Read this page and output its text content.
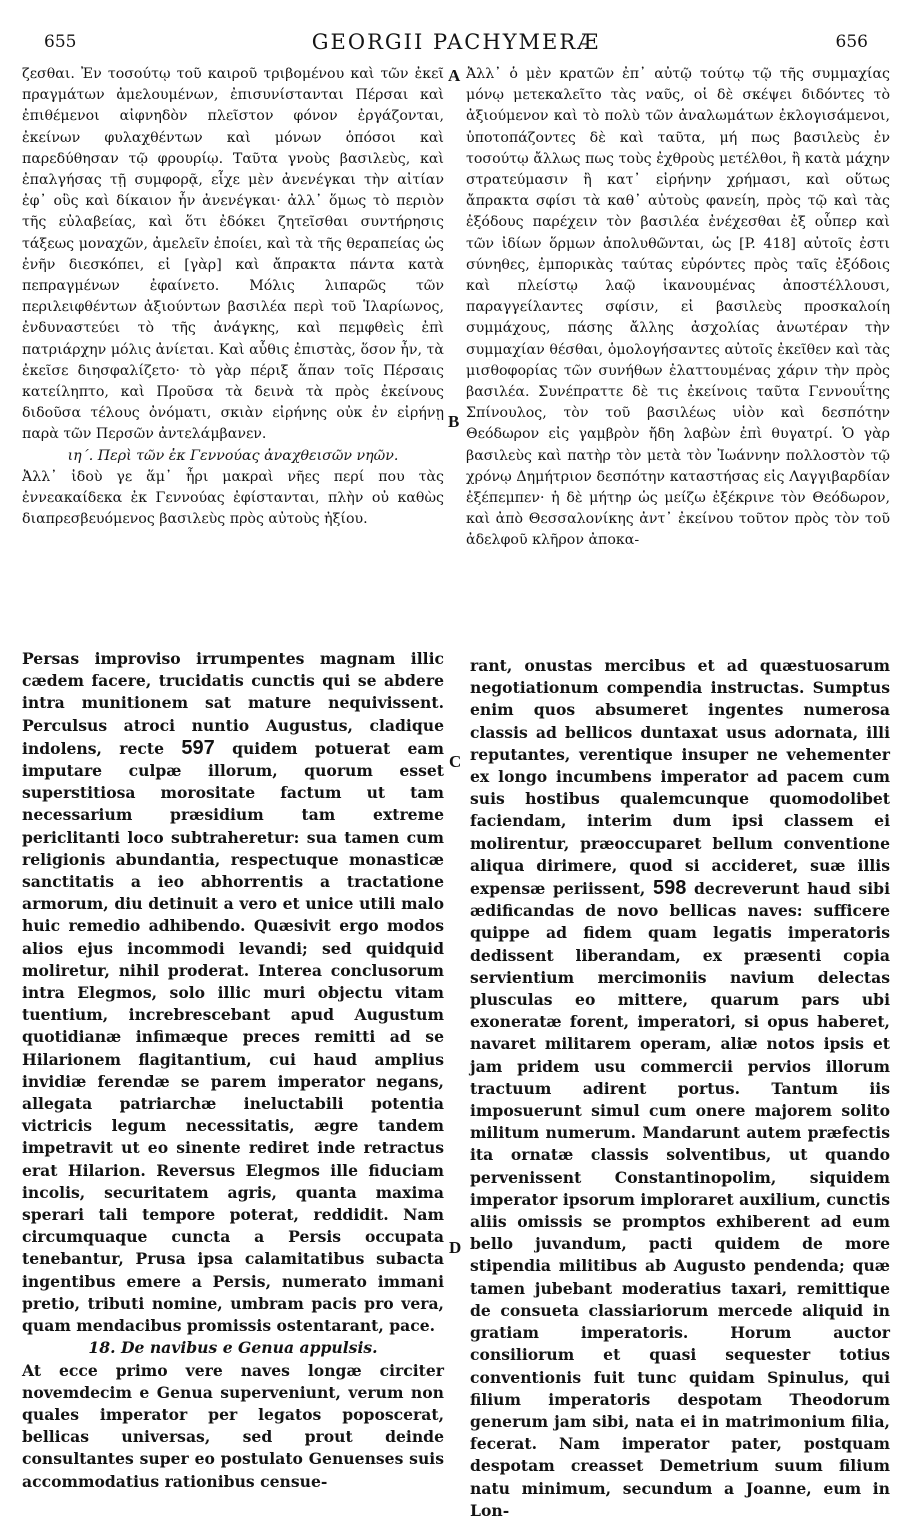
655	GEORGII PACHYMERÆ	656
A
B
C
D

ζεσθαι. Ἐν τοσούτῳ τοῦ καιροῦ τριβομένου καὶ τῶν ἐκεῖ πραγμάτων ἀμελουμένων, ἐπισυνίστανται Πέρσαι καὶ ἐπιθέμενοι αἰφνηδὸν πλεῖστον φόνον ἐργάζονται, ἐκείνων φυλαχθέντων καὶ μόνων ὁπόσοι καὶ παρεδύθησαν τῷ φρουρίῳ. Ταῦτα γνοὺς βασιλεὺς, καὶ ἐπαλγήσας τῇ συμφορᾷ, εἶχε μὲν ἀνενέγκαι τὴν αἰτίαν ἐφ᾽ οὓς καὶ δίκαιον ἦν ἀνενέγκαι· ἀλλ᾽ ὅμως τὸ περιὸν τῆς εὐλαβείας, καὶ ὅτι ἐδόκει ζητεῖσθαι συντήρησις τάξεως μοναχῶν, ἀμελεῖν ἐποίει, καὶ τὰ τῆς θεραπείας ὡς ἐνῆν διεσκόπει, εἰ [γὰρ] καὶ ἄπρακτα πάντα κατὰ πεπραγμένων ἐφαίνετο. Μόλις λιπαρῶς τῶν περιλειφθέντων ἀξιούντων βασιλέα περὶ τοῦ Ἱλαρίωνος, ἐνδυναστεύει τὸ τῆς ἀνάγκης, καὶ πεμφθεὶς ἐπὶ πατριάρχην μόλις ἀνίεται. Καὶ αὖθις ἐπιστὰς, ὅσον ἦν, τὰ ἐκεῖσε διησφαλίζετο· τὸ γὰρ πέριξ ἅπαν τοῖς Πέρσαις κατείληπτο, καὶ Προῦσα τὰ δεινὰ τὰ πρὸς ἐκείνους διδοῦσα τέλους ὀνόματι, σκιὰν εἰρήνης οὐκ ἐν εἰρήνῃ παρὰ τῶν Περσῶν ἀντελάμβανεν.

ιη΄. Περὶ τῶν ἐκ Γεννούας ἀναχθεισῶν νηῶν.

Ἀλλ᾽ ἰδοὺ γε ἅμ᾽ ἦρι μακραὶ νῆες περί που τὰς ἐννεακαίδεκα ἐκ Γεννούας ἐφίστανται, πλὴν οὐ καθὼς διαπρεσβευόμενος βασιλεὺς πρὸς αὐτοὺς ἠξίου.

Ἀλλ᾽ ὁ μὲν κρατῶν ἐπ᾽ αὐτῷ τούτῳ τῷ τῆς συμμαχίας μόνῳ μετεκαλεῖτο τὰς ναῦς, οἱ δὲ σκέψει διδόντες τὸ ἀξιούμενον καὶ τὸ πολὺ τῶν ἀναλωμάτων ἐκλογισάμενοι, ὑποτοπάζοντες δὲ καὶ ταῦτα, μή πως βασιλεὺς ἐν τοσούτῳ ἄλλως πως τοὺς ἐχθροὺς μετέλθοι, ἢ κατὰ μάχην στρατεύμασιν ἢ κατ᾽ εἰρήνην χρήμασι, καὶ οὕτως ἄπρακτα σφίσι τὰ καθ᾽ αὐτοὺς φανείη, πρὸς τῷ καὶ τὰς ἐξόδους παρέχειν τὸν βασιλέα ἐνέχεσθαι ἐξ οὗπερ καὶ τῶν ἰδίων ὅρμων ἀπολυθῶνται, ὡς [P. 418] αὐτοῖς ἐστι σύνηθες, ἐμπορικὰς ταύτας εὑρόντες πρὸς ταῖς ἐξόδοις καὶ πλείστῳ λαῷ ἱκανουμένας ἀποστέλλουσι, παραγγείλαντες σφίσιν, εἰ βασιλεὺς προσκαλοίη συμμάχους, πάσης ἄλλης ἀσχολίας ἀνωτέραν τὴν συμμαχίαν θέσθαι, ὁμολογήσαντες αὐτοῖς ἐκεῖθεν καὶ τὰς μισθοφορίας τῶν συνήθων ἐλαττουμένας χάριν τὴν πρὸς βασιλέα. Συνέπραττε δὲ τις ἐκείνοις ταῦτα Γεννουΐτης Σπίνουλος, τὸν τοῦ βασιλέως υἱὸν καὶ δεσπότην Θεόδωρον εἰς γαμβρὸν ἤδη λαβὼν ἐπὶ θυγατρί. Ὁ γὰρ βασιλεὺς καὶ πατὴρ τὸν μετὰ τὸν Ἰωάννην πολλοστὸν τῷ χρόνῳ Δημήτριον δεσπότην καταστήσας εἰς Λαγγιβαρδίαν ἐξέπεμπεν· ἡ δὲ μήτηρ ὡς μείζω ἐξέκρινε τὸν Θεόδωρον, καὶ ἀπὸ Θεσσαλονίκης ἀντ᾽ ἐκείνου τοῦτον πρὸς τὸν τοῦ ἀδελφοῦ κλῆρον ἀποκα-

Persas improviso irrumpentes magnam illic cædem facere, trucidatis cunctis qui se abdere intra munitionem sat mature nequivissent. Perculsus atroci nuntio Augustus, cladique indolens, recte 597 quidem potuerat eam imputare culpæ illorum, quorum esset superstitiosa morositate factum ut tam necessarium præsidium tam extreme periclitanti loco subtraheretur: sua tamen cum religionis abundantia, respectuque monasticæ sanctitatis a ieo abhorrentis a tractatione armorum, diu detinuit a vero et unice utili malo huic remedio adhibendo. Quæsivit ergo modos alios ejus incommodi levandi; sed quidquid moliretur, nihil proderat. Interea conclusorum intra Elegmos, solo illic muri objectu vitam tuentium, increbrescebant apud Augustum quotidianæ infimæque preces remitti ad se Hilarionem flagitantium, cui haud amplius invidiæ ferendæ se parem imperator negans, allegata patriarchæ ineluctabili potentia victricis legum necessitatis, ægre tandem impetravit ut eo sinente rediret inde retractus erat Hilarion. Reversus Elegmos ille fiduciam incolis, securitatem agris, quanta maxima sperari tali tempore poterat, reddidit. Nam circumquaque cuncta a Persis occupata tenebantur, Prusa ipsa calamitatibus subacta ingentibus emere a Persis, numerato immani pretio, tributi nomine, umbram pacis pro vera, quam mendacibus promissis ostentarant, pace.

18. De navibus e Genua appulsis.

At ecce primo vere naves longæ circiter novemdecim e Genua superveniunt, verum non quales imperator per legatos poposcerat, bellicas universas, sed prout deinde consultantes super eo postulato Genuenses suis accommodatius rationibus censue-

rant, onustas mercibus et ad quæstuosarum negotiationum compendia instructas. Sumptus enim quos absumeret ingentes numerosa classis ad bellicos duntaxat usus adornata, illi reputantes, verentique insuper ne vehementer ex longo incumbens imperator ad pacem cum suis hostibus qualemcunque quomodolibet faciendam, interim dum ipsi classem ei molirentur, præoccuparet bellum conventione aliqua dirimere, quod si accideret, suæ illis expensæ periissent, 598 decreverunt haud sibi ædificandas de novo bellicas naves: sufficere quippe ad fidem quam legatis imperatoris dedissent liberandam, ex præsenti copia servientium mercimoniis navium delectas plusculas eo mittere, quarum pars ubi exoneratæ forent, imperatori, si opus haberet, navaret militarem operam, aliæ notos ipsis et jam pridem usu commercii pervios illorum tractuum adirent portus. Tantum iis imposuerunt simul cum onere majorem solito militum numerum. Mandarunt autem præfectis ita ornatæ classis solventibus, ut quando pervenissent Constantinopolim, siquidem imperator ipsorum imploraret auxilium, cunctis aliis omissis se promptos exhiberent ad eum bello juvandum, pacti quidem de more stipendia militibus ab Augusto pendenda; quæ tamen jubebant moderatius taxari, remittique de consueta classiariorum mercede aliquid in gratiam imperatoris. Horum auctor consiliorum et quasi sequester totius conventionis fuit tunc quidam Spinulus, qui filium imperatoris despotam Theodorum generum jam sibi, nata ei in matrimonium filia, fecerat. Nam imperator pater, postquam despotam creasset Demetrium suum filium natu minimum, secundum a Joanne, eum in Lon-
